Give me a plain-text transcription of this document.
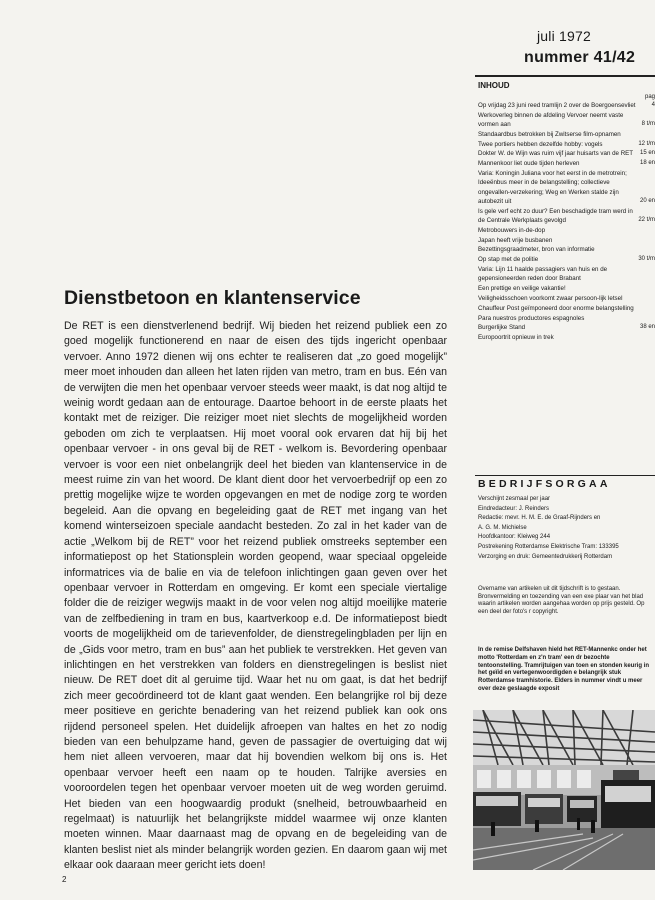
juli 1972
nummer 41/42
INHOUD
pag
Op vrijdag 23 juni reed tramlijn 2 over de Boergoensevliet	4
Werkoverleg binnen de afdeling Vervoer neemt vaste vormen aan	8 t/m
Standaardbus betrokken bij Zwitserse film-opnamen
Twee portiers hebben dezelfde hobby: vogels	12 t/m
Dokter W. de Wijn was ruim vijf jaar huisarts van de RET	15 en
Mannenkoor liet oude tijden herleven	18 en
Varia: Koningin Juliana voor het eerst in de metrotrein; Ideeënbus meer in de belangstelling; collectieve ongevallen-verzekering; Weg en Werken stalde zijn autobezit uit	20 en
Is gele verf echt zo duur? Een beschadigde tram werd in de Centrale Werkplaats gevolgd	22 t/m
Metrobouwers in-de-dop
Japan heeft vrije busbanen
Bezettingsgraadmeter, bron van informatie
Op stap met de politie	30 t/m
Varia: Lijn 11 haalde passagiers van huis en de gepensioneerden reden door Brabant
Een prettige en veilige vakantie!
Veiligheidsschoen voorkomt zwaar persoon-lijk letsel
Chauffeur Post geïmponeerd door enorme belangstelling
Para nuestros productores espagnoles
Burgerlijke Stand	38 en
Europoortrit opnieuw in trek
BEDRIJFSORGAA
Verschijnt zesmaal per jaar
Eindredacteur: J. Reinders
Redactie: mevr. H. M. E. de Graaf-Rijnders en
A. G. M. Michielse
Hoofdkantoor: Kleiweg 244
Postrekening Rotterdamse Elektrische Tram: 133395
Verzorging en druk: Gemeentedrukkerij Rotterdam
Overname van artikelen uit dit tijdschrift is to gestaan. Bronvermelding en toezending van een exe plaar van het blad waarin artikelen worden aangehaa worden op prijs gesteld. Op een deel der foto's r copyright.
In de remise Delfshaven hield het RET-Mannenkc onder het motto 'Rotterdam en z'n tram' een dr bezochte tentoonstelling. Tramrijtuigen van toen en stonden keurig in het geïid en vertegenwoordigden e belangrijk stuk Rotterdamse tramhistorie. Elders in nummer vindt u meer over deze geslaagde exposit
Dienstbetoon en klantenservice
De RET is een dienstverlenend bedrijf. Wij bieden het reizend publiek een zo goed mogelijk functionerend en naar de eisen des tijds ingericht openbaar vervoer. Anno 1972 dienen wij ons echter te realiseren dat „zo goed mogelijk” meer moet inhouden dan alleen het laten rijden van metro, tram en bus. Eén van de verwijten die men het openbaar vervoer steeds weer maakt, is dat nog altijd te weinig wordt gedaan aan de entourage. Daartoe behoort in de eerste plaats het kontakt met de reiziger. Die reiziger moet niet slechts de mogelijkheid worden geboden om zich te verplaatsen. Hij moet vooral ook ervaren dat hij bij het openbaar vervoer - in ons geval bij de RET - welkom is. Bevordering openbaar vervoer is voor een niet onbelangrijk deel het bieden van klantenservice in de meest ruime zin van het woord. De klant dient door het vervoerbedrijf op een zo prettig mogelijke wijze te worden opgevangen en met de nodige zorg te worden begeleid. Aan die opvang en begeleiding gaat de RET met ingang van het komend winterseizoen speciale aandacht besteden. Zo zal in het kader van de actie „Welkom bij de RET” voor het reizend publiek omstreeks september een informatiepost op het Stationsplein worden geopend, waar speciaal opgeleide informatrices via de balie en via de telefoon inlichtingen gaan geven over het openbaar vervoer in Rotterdam en omgeving. Er komt een speciale viertalige folder die de reiziger wegwijs maakt in de voor velen nog altijd moeilijke materie van de zelfbediening in tram en bus, kaartverkoop e.d. De informatiepost biedt voorts de mogelijkheid om de tarievenfolder, de dienstregelingbladen per lijn en de „Gids voor metro, tram en bus” aan het publiek te verstrekken. Het geven van inlichtingen en het verstrekken van folders en dienstregelingen is beslist niet nieuw. De RET doet dit al geruime tijd. Waar het nu om gaat, is dat het bedrijf zich meer gecoördineerd tot de klant gaat wenden. Een belangrijke rol bij deze meer positieve en gerichte benadering van het reizend publiek kan ook ons rijdend personeel spelen. Het duidelijk afroepen van haltes en het zo nodig bieden van een behulpzame hand, geven de passagier de overtuiging dat wij hem niet alleen vervoeren, maar dat hij bovendien welkom bij ons is. Het openbaar vervoer heeft een naam op te houden. Talrijke aversies en vooroordelen tegen het openbaar vervoer moeten uit de weg worden geruimd. Het bieden van een hoogwaardig produkt (snelheid, betrouwbaarheid en regelmaat) is natuurlijk het belangrijkste middel waarmee wij onze klanten moeten winnen. Maar daarnaast mag de opvang en de begeleiding van de klanten beslist niet als minder belangrijk worden gezien. En daarom gaan wij met elkaar ook daaraan meer gericht iets doen!
2
